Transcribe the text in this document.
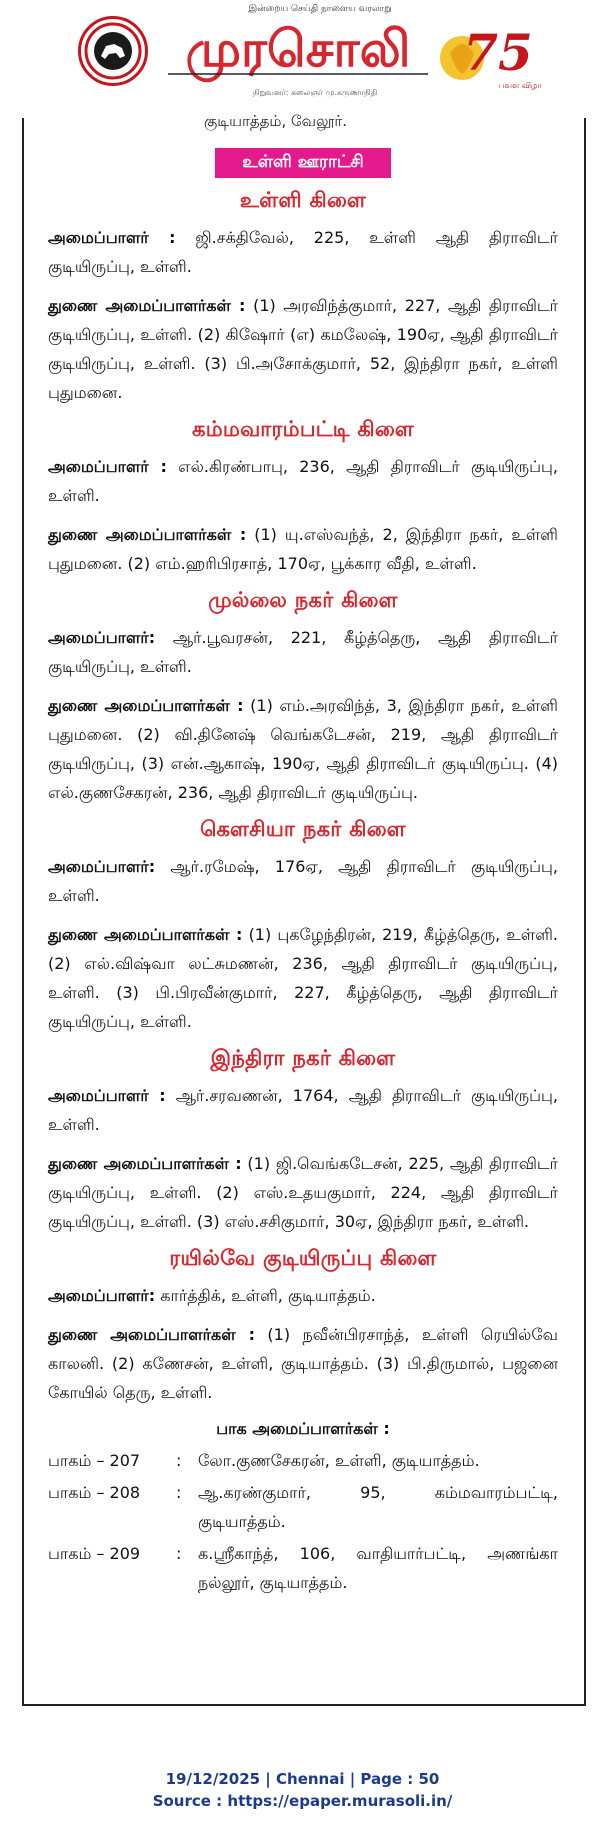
இன்றைய செய்தி நாளைய வரலாறு
முரசொலி
நிறுவனர்: கலைஞர் மு.கருணாநிதி
75
பவள விழா
குடியாத்தம், வேலூர்.
உள்ளி ஊராட்சி
உள்ளி கிளை

அமைப்பாளர் : ஜி.சக்திவேல், 225, உள்ளி ஆதி திராவிடர் குடியிருப்பு, உள்ளி.

துணை அமைப்பாளர்கள் : (1) அரவிந்த்குமார், 227, ஆதி திராவிடர் குடியிருப்பு, உள்ளி. (2) கிஷோர் (எ) கமலேஷ், 190ஏ, ஆதி திராவிடர் குடியிருப்பு, உள்ளி. (3) பி.அசோக்குமார், 52, இந்திரா நகர், உள்ளி புதுமனை.

கம்மவாரம்பட்டி கிளை

அமைப்பாளர் : எல்.கிரண்பாபு, 236, ஆதி திராவிடர் குடியிருப்பு, உள்ளி.

துணை அமைப்பாளர்கள் : (1) யு.எஸ்வந்த், 2, இந்திரா நகர், உள்ளி புதுமனை. (2) எம்.ஹரிபிரசாத், 170ஏ, பூக்கார வீதி, உள்ளி.

முல்லை நகர் கிளை

அமைப்பாளர்: ஆர்.பூவரசன், 221, கீழ்த்தெரு, ஆதி திராவிடர் குடியிருப்பு, உள்ளி.

துணை அமைப்பாளர்கள் : (1) எம்.அரவிந்த், 3, இந்திரா நகர், உள்ளி புதுமனை. (2) வி.தினேஷ் வெங்கடேசன், 219, ஆதி திராவிடர் குடியிருப்பு, (3) என்.ஆகாஷ், 190ஏ, ஆதி திராவிடர் குடியிருப்பு. (4) எல்.குணசேகரன், 236, ஆதி திராவிடர் குடியிருப்பு.

கௌசியா நகர் கிளை

அமைப்பாளர்: ஆர்.ரமேஷ், 176ஏ, ஆதி திராவிடர் குடியிருப்பு, உள்ளி.

துணை அமைப்பாளர்கள் : (1) புகழேந்திரன், 219, கீழ்த்தெரு, உள்ளி. (2) எல்.விஷ்வா லட்சுமணன், 236, ஆதி திராவிடர் குடியிருப்பு, உள்ளி. (3) பி.பிரவீன்குமார், 227, கீழ்த்தெரு, ஆதி திராவிடர் குடியிருப்பு, உள்ளி.

இந்திரா நகர் கிளை

அமைப்பாளர் : ஆர்.சரவணன், 1764, ஆதி திராவிடர் குடியிருப்பு, உள்ளி.

துணை அமைப்பாளர்கள் : (1) ஜி.வெங்கடேசன், 225, ஆதி திராவிடர் குடியிருப்பு, உள்ளி. (2) எஸ்.உதயகுமார், 224, ஆதி திராவிடர் குடியிருப்பு, உள்ளி. (3) எஸ்.சசிகுமார், 30ஏ, இந்திரா நகர், உள்ளி.

ரயில்வே குடியிருப்பு கிளை

அமைப்பாளர்: கார்த்திக், உள்ளி, குடியாத்தம்.

துணை அமைப்பாளர்கள் : (1) நவீன்பிரசாந்த், உள்ளி ரெயில்வே காலனி. (2) கணேசன், உள்ளி, குடியாத்தம். (3) பி.திருமால், பஜனை கோயில் தெரு, உள்ளி.

பாக அமைப்பாளர்கள் :
பாகம் – 207	:	லோ.குணசேகரன், உள்ளி, குடியாத்தம்.
பாகம் – 208	:	ஆ.கரண்குமார், 95, கம்மவாரம்பட்டி, குடியாத்தம்.
பாகம் – 209	:	க.ஸ்ரீகாந்த், 106, வாதியார்பட்டி, அணங்கா நல்லூர், குடியாத்தம்.
19/12/2025 | Chennai | Page : 50
Source : https://epaper.murasoli.in/
